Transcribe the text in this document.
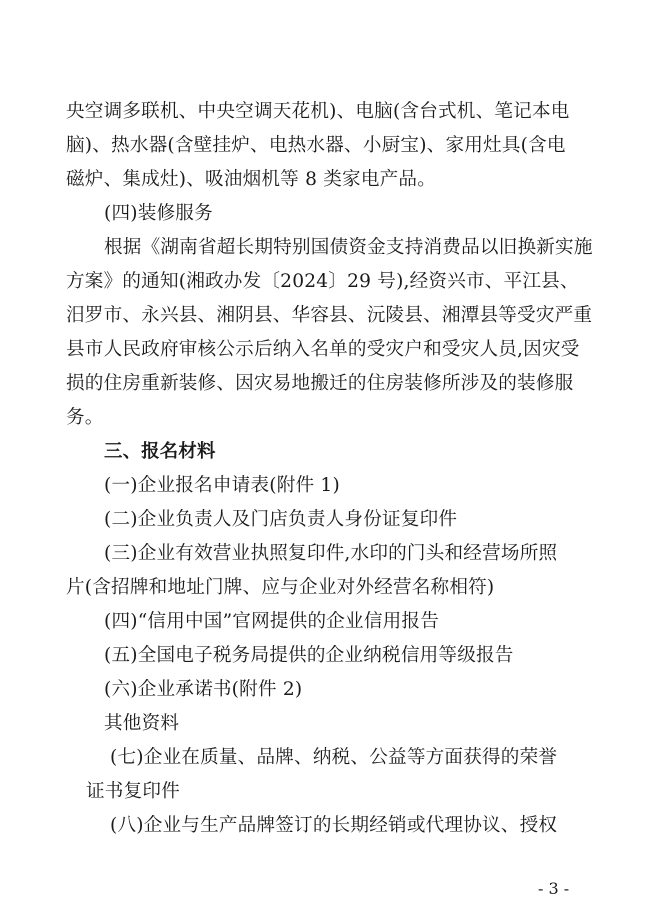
央空调多联机、中央空调天花机)、电脑(含台式机、笔记本电
脑)、热水器(含壁挂炉、电热水器、小厨宝)、家用灶具(含电
磁炉、集成灶)、吸油烟机等 8 类家电产品。
(四)装修服务
根据《湖南省超长期特别国债资金支持消费品以旧换新实施
方案》的通知(湘政办发〔2024〕29 号),经资兴市、平江县、
汨罗市、永兴县、湘阴县、华容县、沅陵县、湘潭县等受灾严重
县市人民政府审核公示后纳入名单的受灾户和受灾人员,因灾受
损的住房重新装修、因灾易地搬迁的住房装修所涉及的装修服
务。
三、报名材料
(一)企业报名申请表(附件 1)
(二)企业负责人及门店负责人身份证复印件
(三)企业有效营业执照复印件,水印的门头和经营场所照
片(含招牌和地址门牌、应与企业对外经营名称相符)
(四)“信用中国”官网提供的企业信用报告
(五)全国电子税务局提供的企业纳税信用等级报告
(六)企业承诺书(附件 2)
其他资料
(七)企业在质量、品牌、纳税、公益等方面获得的荣誉
证书复印件
(八)企业与生产品牌签订的长期经销或代理协议、授权
- 3 -
